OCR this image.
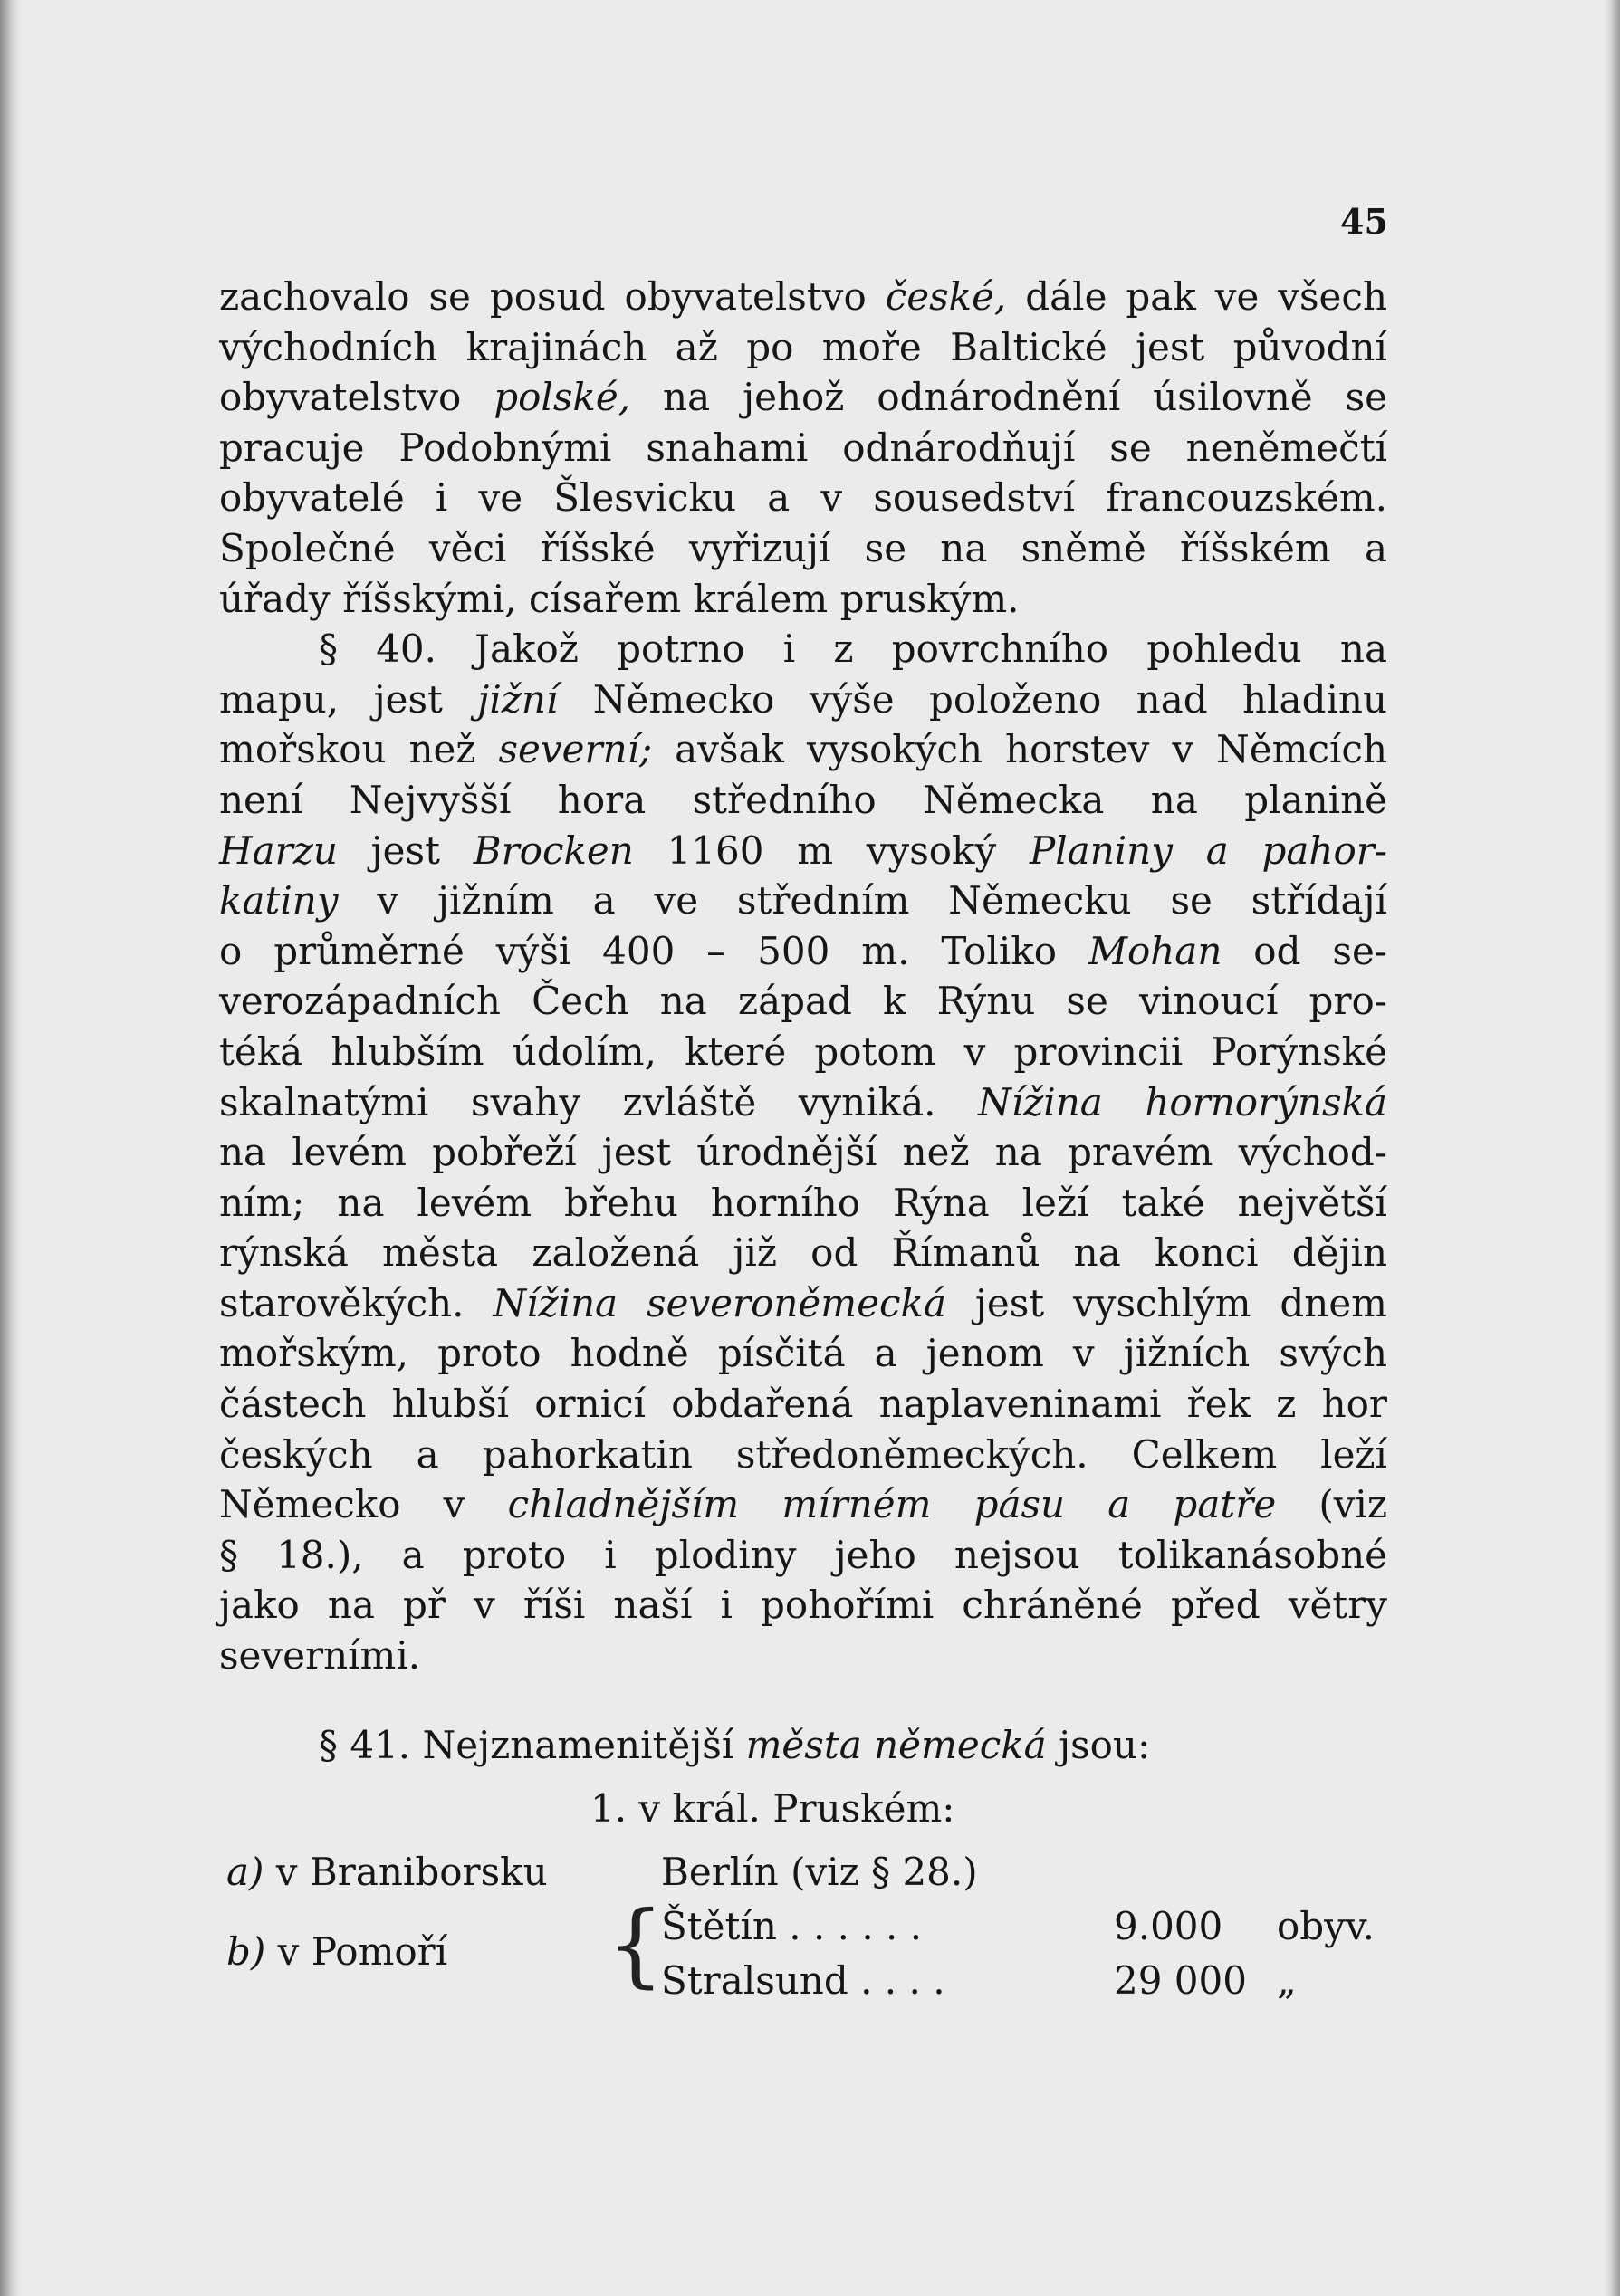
45
zachovalo se posud obyvatelstvo české, dále pak ve všech
východních krajinách až po moře Baltické jest původní
obyvatelstvo polské, na jehož odnárodnění úsilovně se
pracuje Podobnými snahami odnárodňují se neněmečtí
obyvatelé i ve Šlesvicku a v sousedství francouzském.
Společné věci říšské vyřizují se na sněmě říšském a
úřady říšskými, císařem králem pruským.
§ 40. Jakož potrno i z povrchního pohledu na
mapu, jest jižní Německo výše položeno nad hladinu
mořskou než severní; avšak vysokých horstev v Němcích
není Nejvyšší hora středního Německa na planině
Harzu jest Brocken 1160 m vysoký Planiny a pahor-
katiny v jižním a ve středním Německu se střídají
o průměrné výši 400 – 500 m. Toliko Mohan od se-
verozápadních Čech na západ k Rýnu se vinoucí pro-
téká hlubším údolím, které potom v provincii Porýnské
skalnatými svahy zvláště vyniká. Nížina hornorýnská
na levém pobřeží jest úrodnější než na pravém východ-
ním; na levém břehu horního Rýna leží také největší
rýnská města založená již od Římanů na konci dějin
starověkých. Nížina severoněmecká jest vyschlým dnem
mořským, proto hodně písčitá a jenom v jižních svých
částech hlubší ornicí obdařená naplaveninami řek z hor
českých a pahorkatin středoněmeckých. Celkem leží
Německo v chladnějším mírném pásu a patře (viz
§ 18.), a proto i plodiny jeho nejsou tolikanásobné
jako na př v říši naší i pohořími chráněné před větry
severními.
§ 41. Nejznamenitější města německá jsou:
1. v král. Pruském:
a) v Braniborsku	Berlín (viz § 28.)
b) v Pomoří
Štětín . . . . . .	9.000 obyv.
Stralsund . . . .	29 000 „
{
